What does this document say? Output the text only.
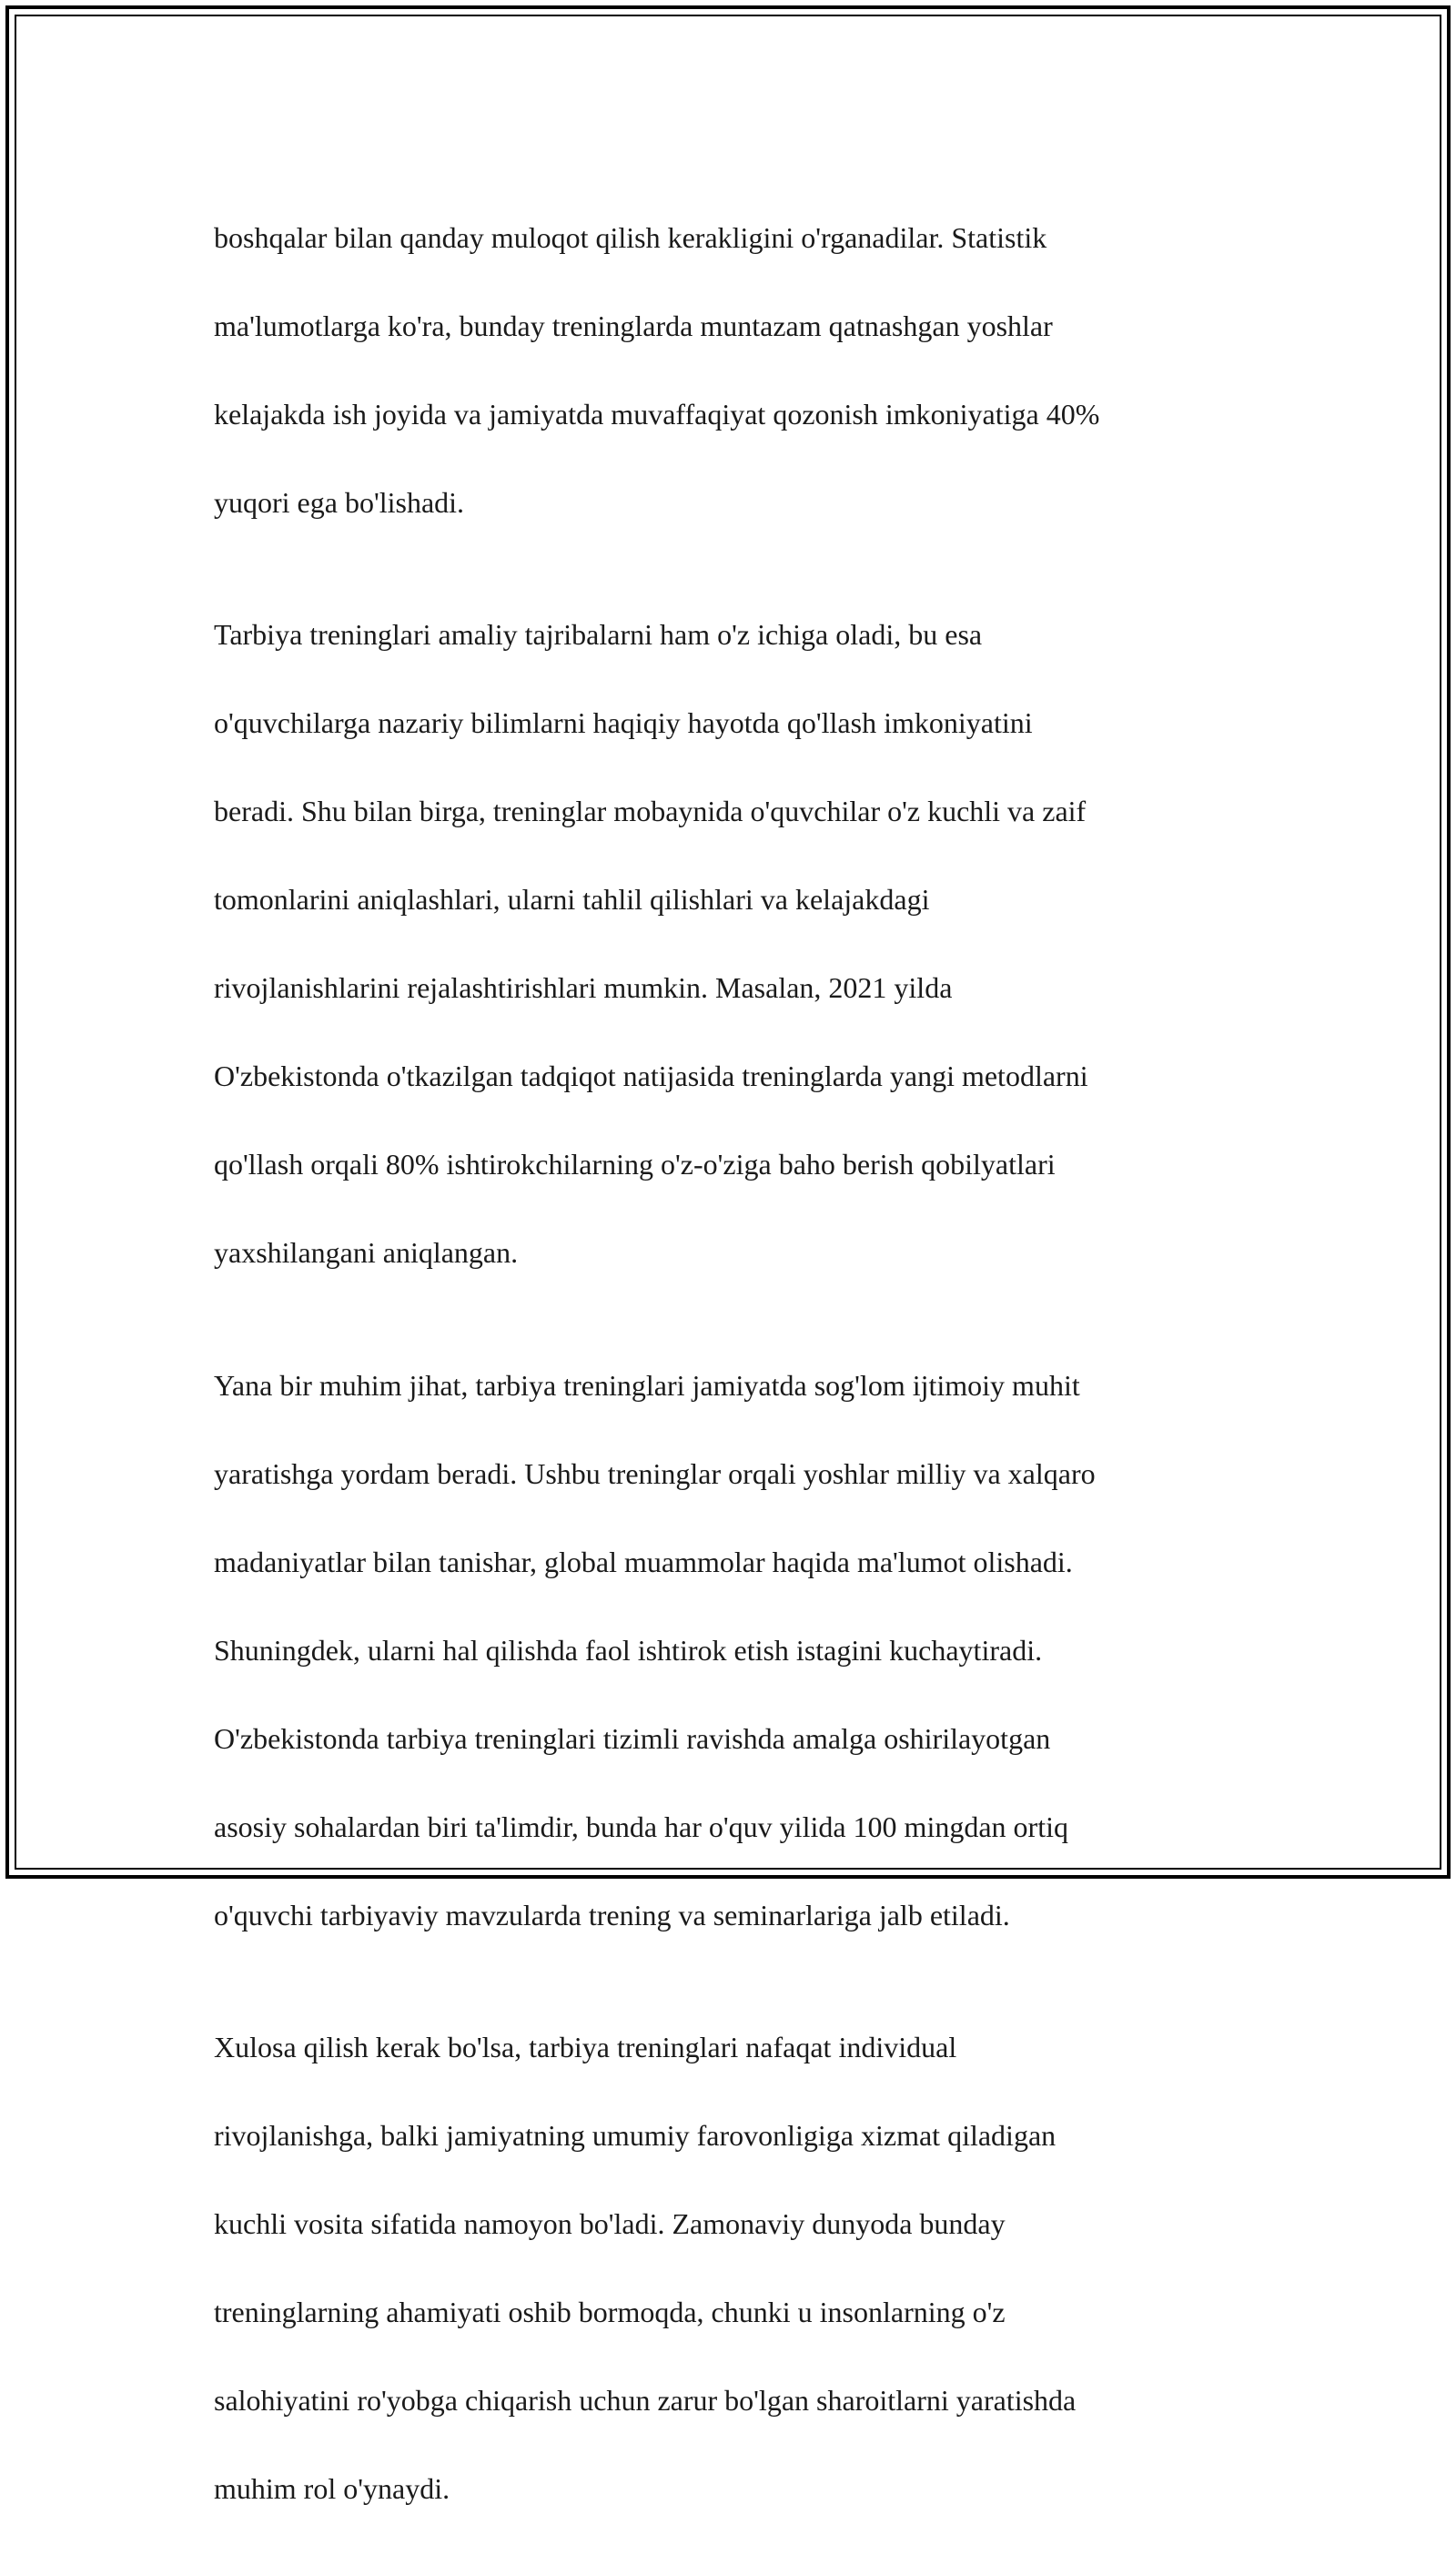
boshqalar bilan qanday muloqot qilish kerakligini o'rganadilar. Statistik

ma'lumotlarga ko'ra, bunday treninglarda muntazam qatnashgan yoshlar

kelajakda ish joyida va jamiyatda muvaffaqiyat qozonish imkoniyatiga 40%

yuqori ega bo'lishadi.

Tarbiya treninglari amaliy tajribalarni ham o'z ichiga oladi, bu esa

o'quvchilarga nazariy bilimlarni haqiqiy hayotda qo'llash imkoniyatini

beradi. Shu bilan birga, treninglar mobaynida o'quvchilar o'z kuchli va zaif

tomonlarini aniqlashlari, ularni tahlil qilishlari va kelajakdagi

rivojlanishlarini rejalashtirishlari mumkin. Masalan, 2021 yilda

O'zbekistonda o'tkazilgan tadqiqot natijasida treninglarda yangi metodlarni

qo'llash orqali 80% ishtirokchilarning o'z-o'ziga baho berish qobilyatlari

yaxshilangani aniqlangan.

Yana bir muhim jihat, tarbiya treninglari jamiyatda sog'lom ijtimoiy muhit

yaratishga yordam beradi. Ushbu treninglar orqali yoshlar milliy va xalqaro

madaniyatlar bilan tanishar, global muammolar haqida ma'lumot olishadi.

Shuningdek, ularni hal qilishda faol ishtirok etish istagini kuchaytiradi.

O'zbekistonda tarbiya treninglari tizimli ravishda amalga oshirilayotgan

asosiy sohalardan biri ta'limdir, bunda har o'quv yilida 100 mingdan ortiq

o'quvchi tarbiyaviy mavzularda trening va seminarlariga jalb etiladi.

Xulosa qilish kerak bo'lsa, tarbiya treninglari nafaqat individual

rivojlanishga, balki jamiyatning umumiy farovonligiga xizmat qiladigan

kuchli vosita sifatida namoyon bo'ladi. Zamonaviy dunyoda bunday

treninglarning ahamiyati oshib bormoqda, chunki u insonlarning o'z

salohiyatini ro'yobga chiqarish uchun zarur bo'lgan sharoitlarni yaratishda

muhim rol o'ynaydi.
